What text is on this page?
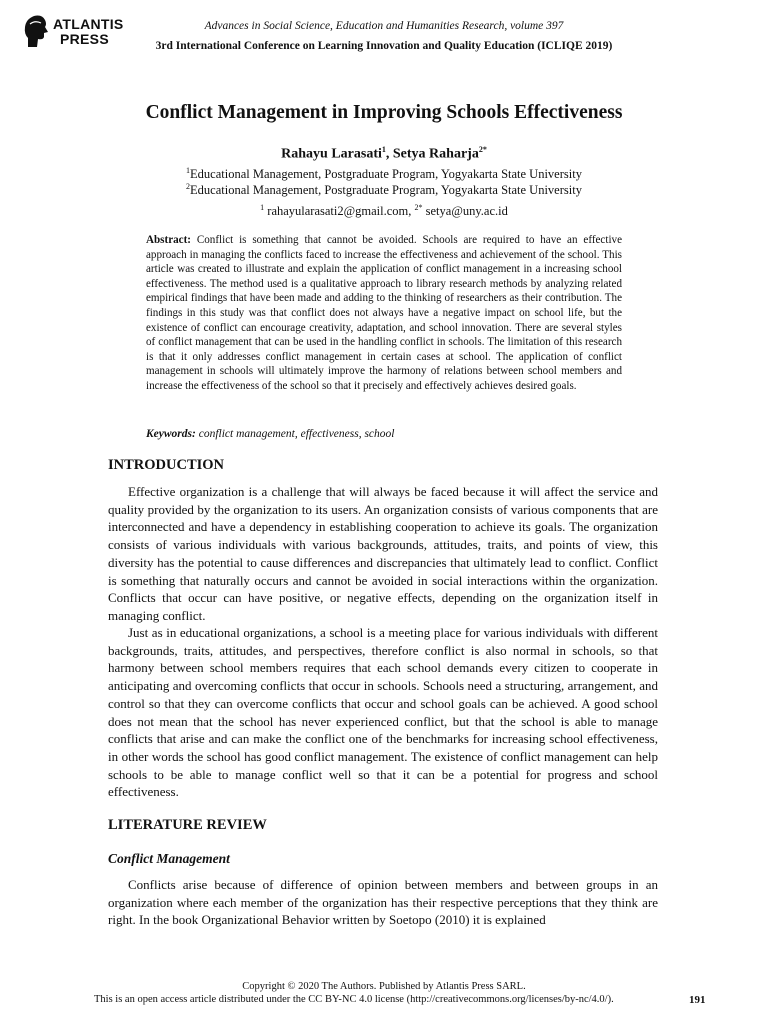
ATLANTIS
PRESS
Advances in Social Science, Education and Humanities Research, volume 397
3rd International Conference on Learning Innovation and Quality Education (ICLIQE 2019)
Conflict Management in Improving Schools Effectiveness
Rahayu Larasati$^1$, Setya Raharja$^{2*}$
$^1$Educational Management, Postgraduate Program, Yogyakarta State University
$^2$Educational Management, Postgraduate Program, Yogyakarta State University
$^1$ rahayularasati2@gmail.com, $^{2*}$ setya@uny.ac.id
Abstract: Conflict is something that cannot be avoided. Schools are required to have an effective approach in managing the conflicts faced to increase the effectiveness and achievement of the school. This article was created to illustrate and explain the application of conflict management in a increasing school effectiveness. The method used is a qualitative approach to library research methods by analyzing related empirical findings that have been made and adding to the thinking of researchers as their contribution. The findings in this study was that conflict does not always have a negative impact on school life, but the existence of conflict can encourage creativity, adaptation, and school innovation. There are several styles of conflict management that can be used in the handling conflict in schools. The limitation of this research is that it only addresses conflict management in certain cases at school. The application of conflict management in schools will ultimately improve the harmony of relations between school members and increase the effectiveness of the school so that it precisely and effectively achieves desired goals.
Keywords: conflict management, effectiveness, school
INTRODUCTION

Effective organization is a challenge that will always be faced because it will affect the service and quality provided by the organization to its users. An organization consists of various components that are interconnected and have a dependency in establishing cooperation to achieve its goals. The organization consists of various individuals with various backgrounds, attitudes, traits, and points of view, this diversity has the potential to cause differences and discrepancies that ultimately lead to conflict. Conflict is something that naturally occurs and cannot be avoided in social interactions within the organization. Conflicts that occur can have positive, or negative effects, depending on the organization itself in managing conflict.

Just as in educational organizations, a school is a meeting place for various individuals with different backgrounds, traits, attitudes, and perspectives, therefore conflict is also normal in schools, so that harmony between school members requires that each school demands every citizen to cooperate in anticipating and overcoming conflicts that occur in schools. Schools need a structuring, arrangement, and control so that they can overcome conflicts that occur and school goals can be achieved. A good school does not mean that the school has never experienced conflict, but that the school is able to manage conflicts that arise and can make the conflict one of the benchmarks for increasing school effectiveness, in other words the school has good conflict management. The existence of conflict management can help schools to be able to manage conflict well so that it can be a potential for progress and school effectiveness.

LITERATURE REVIEW
Conflict Management

Conflicts arise because of difference of opinion between members and between groups in an organization where each member of the organization has their respective perceptions that they think are right. In the book Organizational Behavior written by Soetopo (2010) it is explained

Copyright © 2020 The Authors. Published by Atlantis Press SARL.
This is an open access article distributed under the CC BY-NC 4.0 license (http://creativecommons.org/licenses/by-nc/4.0/).	191
